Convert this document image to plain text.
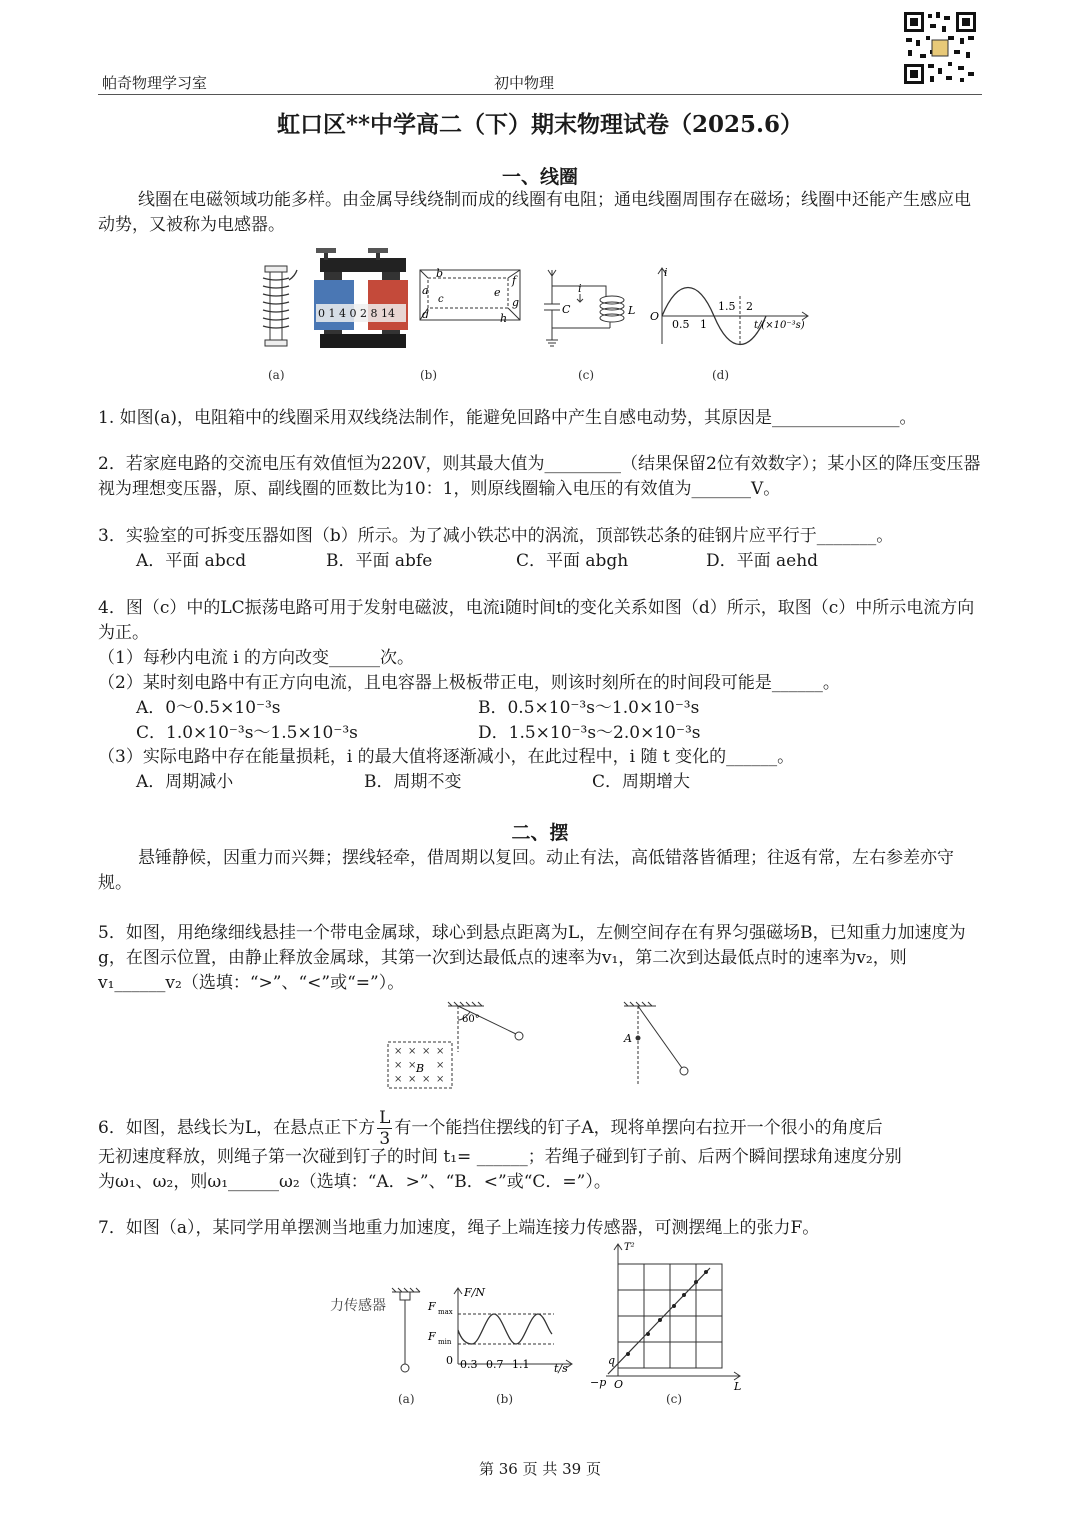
帕奇物理学习室	初中物理
虹口区**中学高二（下）期末物理试卷（2025.6）
一、线圈
线圈在电磁领域功能多样。由金属导线绕制而成的线圈有电阻；通电线圈周围存在磁场；线圈中还能产生感应电动势，又被称为电感器。
(a)
0 1 4 0 2 8 14
b
a
c
d
f
e
g
h
(b)
C
i
L
(c)
i
O
0.5 1
1.5 2
t/(×10⁻³s)
(d)
1. 如图(a)，电阻箱中的线圈采用双线绕法制作，能避免回路中产生自感电动势，其原因是_______________。
2．若家庭电路的交流电压有效值恒为220V，则其最大值为_________（结果保留2位有效数字）；某小区的降压变压器视为理想变压器，原、副线圈的匝数比为10：1，则原线圈输入电压的有效值为_______V。
3．实验室的可拆变压器如图（b）所示。为了减小铁芯中的涡流，顶部铁芯条的硅钢片应平行于_______。
A．平面 abcd	B．平面 abfe	C．平面 abgh	D．平面 aehd
4．图（c）中的LC振荡电路可用于发射电磁波，电流i随时间t的变化关系如图（d）所示，取图（c）中所示电流方向为正。
（1）每秒内电流 i 的方向改变______次。
（2）某时刻电路中有正方向电流，且电容器上极板带正电，则该时刻所在的时间段可能是______。
A．0～0.5×10⁻³s	B．0.5×10⁻³s～1.0×10⁻³s
C．1.0×10⁻³s～1.5×10⁻³s	D．1.5×10⁻³s～2.0×10⁻³s
（3）实际电路中存在能量损耗，i 的最大值将逐渐减小，在此过程中，i 随 t 变化的______。
A．周期减小	B．周期不变	C．周期增大
二、摆
悬锤静候，因重力而兴舞；摆线轻牵，借周期以复回。动止有法，高低错落皆循理；往返有常，左右参差亦守规。
5．如图，用绝缘细线悬挂一个带电金属球，球心到悬点距离为L，左侧空间存在有界匀强磁场B，已知重力加速度为g，在图示位置，由静止释放金属球，其第一次到达最低点的速率为v₁，第二次到达最低点时的速率为v₂，则 v₁______v₂（选填：“>”、“<”或“=”）。
60°
× × × ×
× × ×
× × × ×
B
A
6．如图，悬线长为L，在悬点正下方 $\frac{L}{3}$ 有一个能挡住摆线的钉子A，现将单摆向右拉开一个很小的角度后
无初速度释放，则绳子第一次碰到钉子的时间 t₁= ______；若绳子碰到钉子前、后两个瞬间摆球角速度分别
为ω₁、ω₂，则ω₁______ω₂（选填：“A．>”、“B．<”或“C．=”）。
7．如图（a），某同学用单摆测当地重力加速度，绳子上端连接力传感器，可测摆绳上的张力F。
力传感器
(a)
F/N
F max
F min
0 0.3 0.7 1.1 t/s
(b)
T²
q
−p O	L
(c)
第 36 页 共 39 页
